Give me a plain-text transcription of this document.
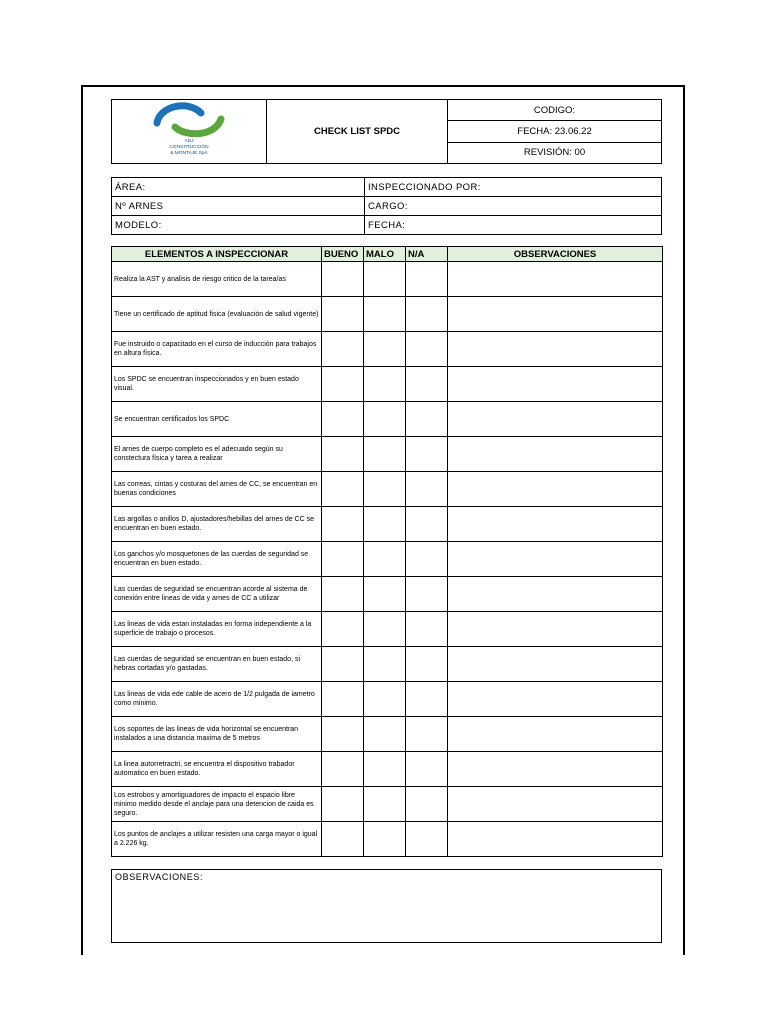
ADJ
CONSTRUCCIÓN
& MONTAJE SpA
	CHECK LIST SPDC	CODIGO:
FECHA: 23.06.22
REVISIÓN: 00
ÁREA:	INSPECCIONADO POR:
Nº ARNES	CARGO:
MODELO:	FECHA:
ELEMENTOS A INSPECCIONAR	BUENO	MALO	N/A	OBSERVACIONES
Realiza la AST y analisis de riesgo critico de la tarea/as				
Tiene un certificado de aptitud fisica (evaluación de salud vigente)				
Fue instruido o capacitado en el curso de inducción para trabajos en altura física.				
Los SPDC se encuentran inspeccionados y en buen estado visual.				
Se encuentran certificados los SPDC				
El arnes de cuerpo completo es el adecuado según su constectura física y tarea a realizar				
Las correas, cintas y costuras del arnes de CC, se encuentran en buenas condiciones				
Las argollas o anillos D, ajustadores/hebillas del arnes de CC se encuentran en buen estado.				
Los ganchos y/o mosquetones de las cuerdas de seguridad se encuentran en buen estado.				
Las cuerdas de seguridad se encuentran acorde al sistema de conexión entre lineas de vida y arnes de CC a utilizar				
Las lineas de vida estan instaladas en forma independiente a la superficie de trabajo o procesos.				
Las cuerdas de seguridad se encuentran en buen estado, si hebras cortadas y/o gastadas.				
Las lineas de vida ede cable de acero de 1/2 pulgada de iametro como minimo.				
Los soportes de las lineas de vida horizontal se encuentran instalados a una distancia maxima de 5 metros				
La linea autorretractri, se encuentra el dispositivo trabador automatico en buen estado.				
Los estrobos y amortiguadores de impacto el espacio libre minimo medido desde el anclaje para una detencion de caida es seguro.				
Los puntos de anclajes a utilizar resisten una carga mayor o igual a 2.226 kg.				
OBSERVACIONES:
